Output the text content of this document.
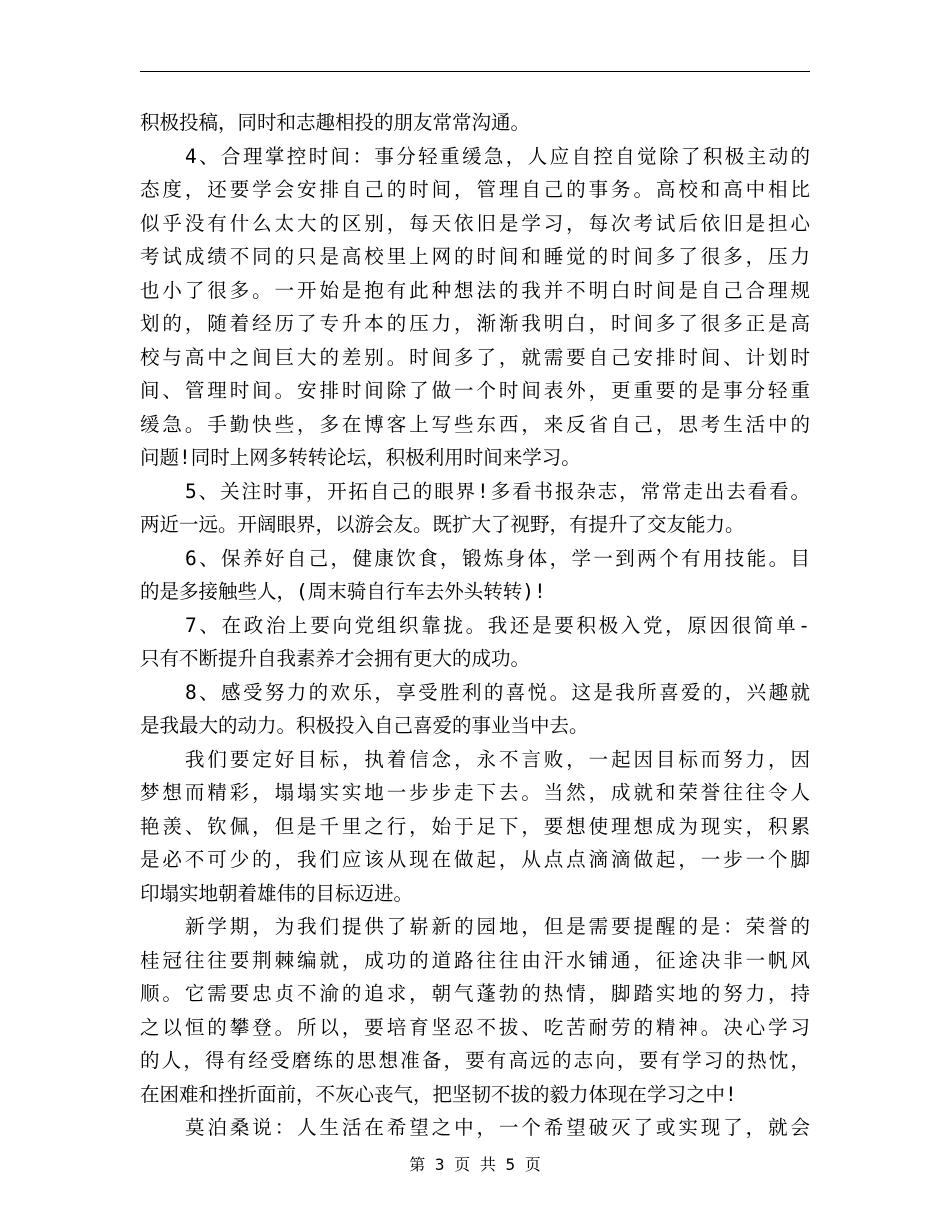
积极投稿，同时和志趣相投的朋友常常沟通。
4、合理掌控时间：事分轻重缓急，人应自控自觉除了积极主动的
态度，还要学会安排自己的时间，管理自己的事务。高校和高中相比
似乎没有什么太大的区别，每天依旧是学习，每次考试后依旧是担心
考试成绩不同的只是高校里上网的时间和睡觉的时间多了很多，压力
也小了很多。一开始是抱有此种想法的我并不明白时间是自己合理规
划的，随着经历了专升本的压力，渐渐我明白，时间多了很多正是高
校与高中之间巨大的差别。时间多了，就需要自己安排时间、计划时
间、管理时间。安排时间除了做一个时间表外，更重要的是事分轻重
缓急。手勤快些，多在博客上写些东西，来反省自己，思考生活中的
问题!同时上网多转转论坛，积极利用时间来学习。
5、关注时事，开拓自己的眼界!多看书报杂志，常常走出去看看。
两近一远。开阔眼界，以游会友。既扩大了视野，有提升了交友能力。
6、保养好自己，健康饮食，锻炼身体，学一到两个有用技能。目
的是多接触些人，(周末骑自行车去外头转转)!
7、在政治上要向党组织靠拢。我还是要积极入党，原因很简单-
只有不断提升自我素养才会拥有更大的成功。
8、感受努力的欢乐，享受胜利的喜悦。这是我所喜爱的，兴趣就
是我最大的动力。积极投入自己喜爱的事业当中去。
我们要定好目标，执着信念，永不言败，一起因目标而努力，因
梦想而精彩，塌塌实实地一步步走下去。当然，成就和荣誉往往令人
艳羡、钦佩，但是千里之行，始于足下，要想使理想成为现实，积累
是必不可少的，我们应该从现在做起，从点点滴滴做起，一步一个脚
印塌实地朝着雄伟的目标迈进。
新学期，为我们提供了崭新的园地，但是需要提醒的是：荣誉的
桂冠往往要荆棘编就，成功的道路往往由汗水铺通，征途决非一帆风
顺。它需要忠贞不渝的追求，朝气蓬勃的热情，脚踏实地的努力，持
之以恒的攀登。所以，要培育坚忍不拔、吃苦耐劳的精神。决心学习
的人，得有经受磨练的思想准备，要有高远的志向，要有学习的热忱，
在困难和挫折面前，不灰心丧气，把坚韧不拔的毅力体现在学习之中!
莫泊桑说：人生活在希望之中，一个希望破灭了或实现了，就会
第 3 页 共 5 页
